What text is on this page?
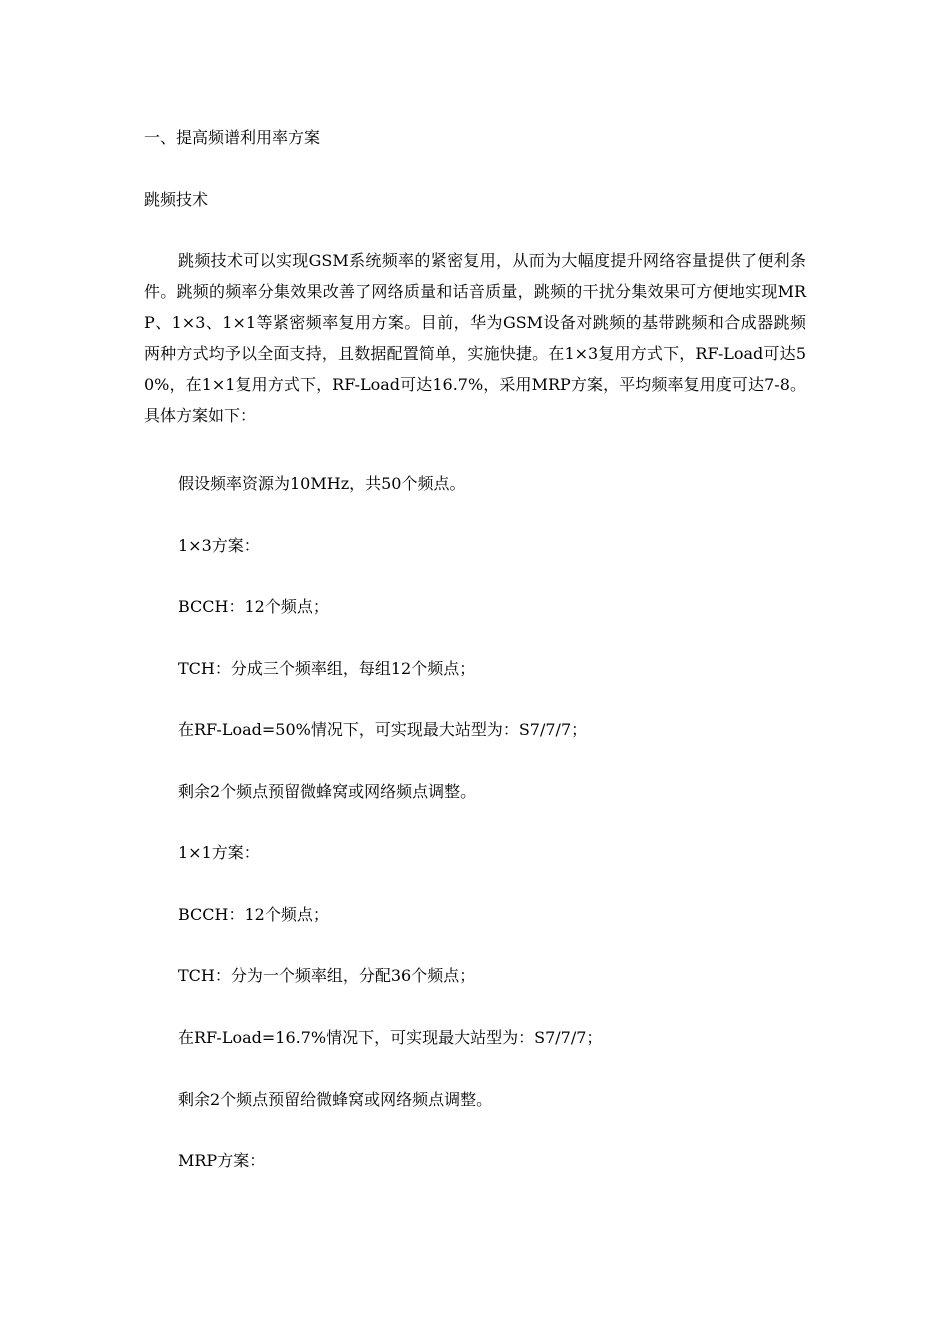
一、提高频谱利用率方案

跳频技术

跳频技术可以实现GSM系统频率的紧密复用，从而为大幅度提升网络容量提供了便利条件。跳频的频率分集效果改善了网络质量和话音质量，跳频的干扰分集效果可方便地实现MRP、1×3、1×1等紧密频率复用方案。目前，华为GSM设备对跳频的基带跳频和合成器跳频两种方式均予以全面支持，且数据配置简单，实施快捷。在1×3复用方式下，RF-Load可达50%，在1×1复用方式下，RF-Load可达16.7%，采用MRP方案，平均频率复用度可达7-8。具体方案如下：

假设频率资源为10MHz，共50个频点。

1×3方案：

BCCH：12个频点；

TCH：分成三个频率组，每组12个频点；

在RF-Load=50%情况下，可实现最大站型为：S7/7/7；

剩余2个频点预留微蜂窝或网络频点调整。

1×1方案：

BCCH：12个频点；

TCH：分为一个频率组，分配36个频点；

在RF-Load=16.7%情况下，可实现最大站型为：S7/7/7；

剩余2个频点预留给微蜂窝或网络频点调整。

MRP方案：
